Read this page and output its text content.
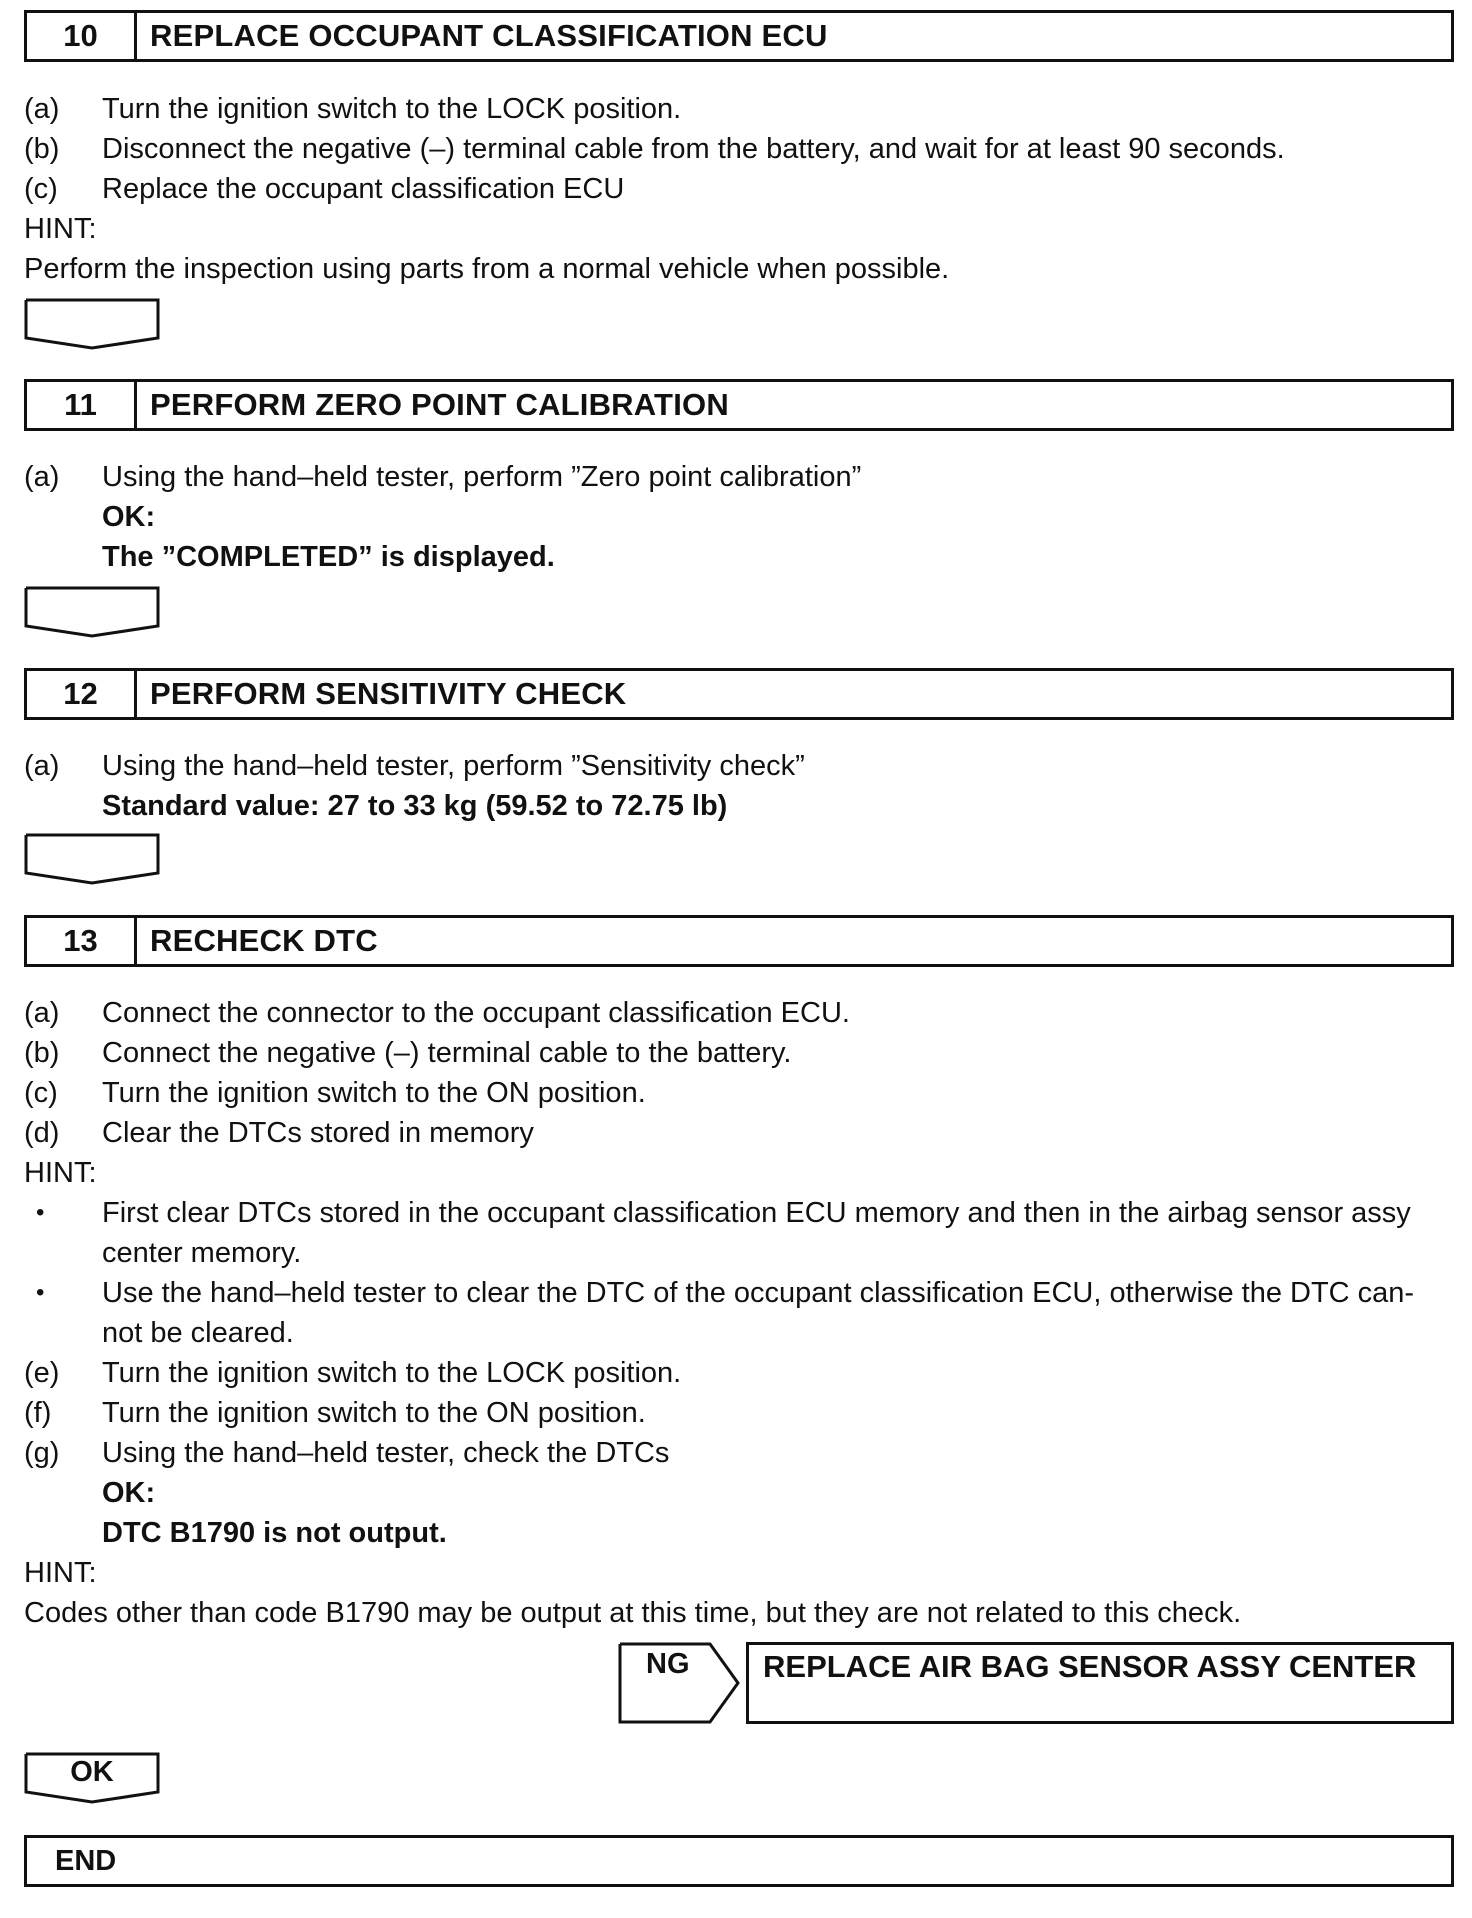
10	REPLACE OCCUPANT CLASSIFICATION ECU
(a) Turn the ignition switch to the LOCK position.
(b) Disconnect the negative (–) terminal cable from the battery, and wait for at least 90 seconds.
(c) Replace the occupant classification ECU
HINT:
Perform the inspection using parts from a normal vehicle when possible.
11	PERFORM ZERO POINT CALIBRATION
(a) Using the hand–held tester, perform ”Zero point calibration”
OK:
The ”COMPLETED” is displayed.
12	PERFORM SENSITIVITY CHECK
(a) Using the hand–held tester, perform ”Sensitivity check”
Standard value: 27 to 33 kg (59.52 to 72.75 lb)
13	RECHECK DTC
(a) Connect the connector to the occupant classification ECU.
(b) Connect the negative (–) terminal cable to the battery.
(c) Turn the ignition switch to the ON position.
(d) Clear the DTCs stored in memory
HINT:
• First clear DTCs stored in the occupant classification ECU memory and then in the airbag sensor assy
center memory.
• Use the hand–held tester to clear the DTC of the occupant classification ECU, otherwise the DTC can-
not be cleared.
(e) Turn the ignition switch to the LOCK position.
(f) Turn the ignition switch to the ON position.
(g) Using the hand–held tester, check the DTCs
OK:
DTC B1790 is not output.
HINT:
Codes other than code B1790 may be output at this time, but they are not related to this check.
NG	REPLACE AIR BAG SENSOR ASSY CENTER
OK
END
